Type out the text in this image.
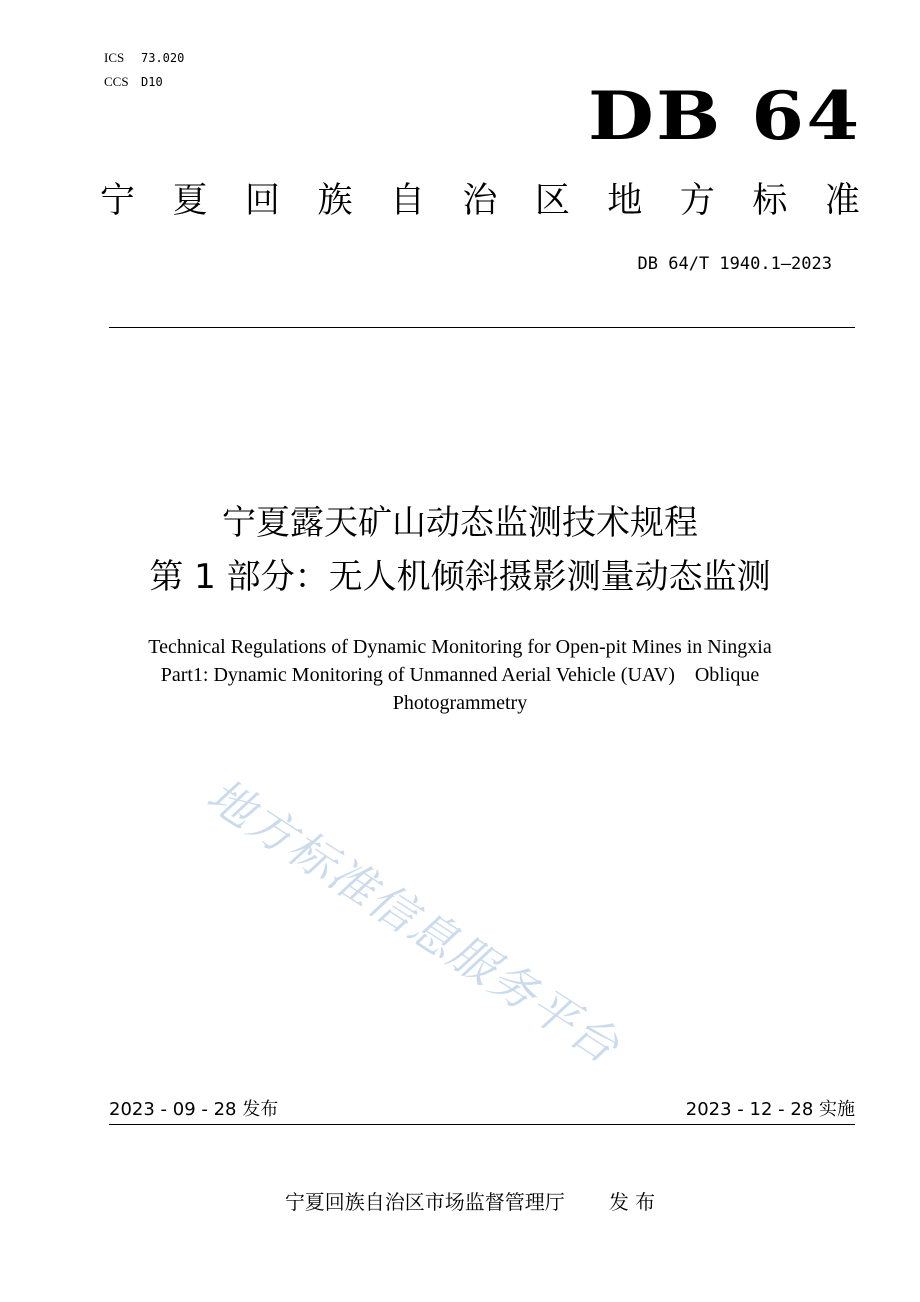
ICS 73.020
CCS D10	DB 64
宁 夏 回 族 自 治 区 地 方 标 准
DB 64/T 1940.1—2023
宁夏露天矿山动态监测技术规程
第 1 部分：无人机倾斜摄影测量动态监测
Technical Regulations of Dynamic Monitoring for Open-pit Mines in Ningxia
Part1: Dynamic Monitoring of Unmanned Aerial Vehicle (UAV)    Oblique
Photogrammetry
地方标准信息服务平台
2023 - 09 - 28 发布	2023 - 12 - 28 实施
宁夏回族自治区市场监督管理厅 发 布
